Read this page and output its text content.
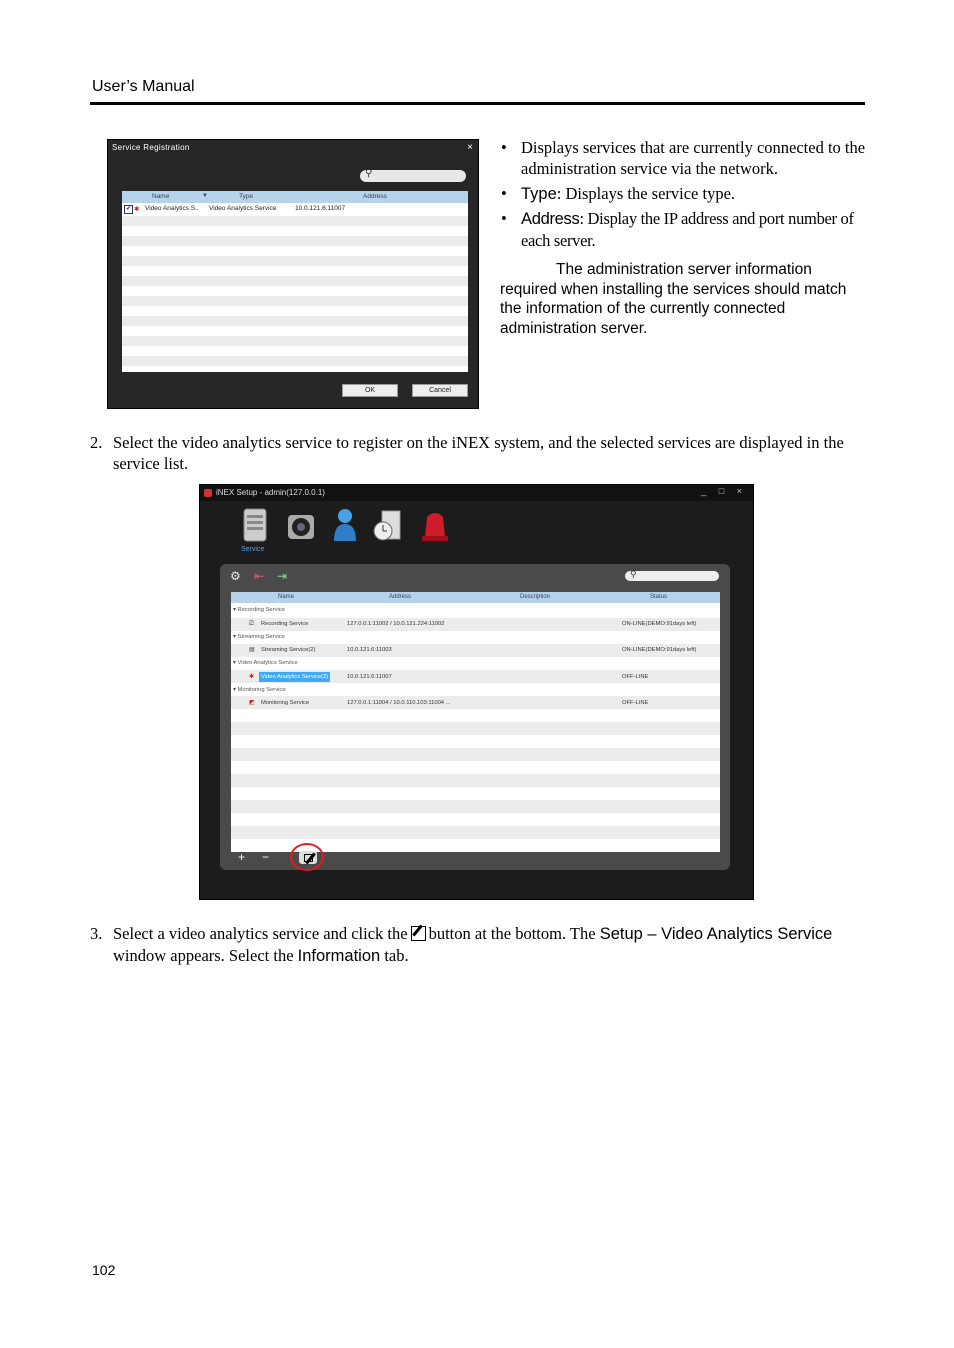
User’s Manual
Service Registration	×
⚲
Name	▼	Type	Address
✔ ✱ Video Analytics S.. Video Analytics Service	10.0.121.6:11007
OK	Cancel
• Displays services that are currently connected to the administration service via the network.
• Type: Displays the service type.
• Address: Display the IP address and port number of each server.
The administration server information required when installing the services should match the information of the currently connected administration server.
2. Select the video analytics service to register on the iNEX system, and the selected services are displayed in the service list.
iNEX Setup - admin(127.0.0.1)	_ □ ×
Service
⚙ ⇤ ⇥	⚲
Name	Address	Description	Status
▾ Recording Service
⎚ Recording Service	127.0.0.1:11002 / 10.0.121.224:11002	ON-LINE(DEMO:91days left)
▾ Streaming Service
▤ Streaming Service(2)	10.0.121.6:11003	ON-LINE(DEMO:91days left)
▾ Video Analytics Service
✱	Video Analytics Service(2)	10.0.121.6:11007	OFF-LINE
▾ Monitoring Service
◩ Monitoring Service	127.0.0.1:11004 / 10.0.110.103:11004 ...	OFF-LINE
+ −
3. Select a video analytics service and click the button at the bottom. The Setup – Video Analytics Service window appears. Select the Information tab.
102
